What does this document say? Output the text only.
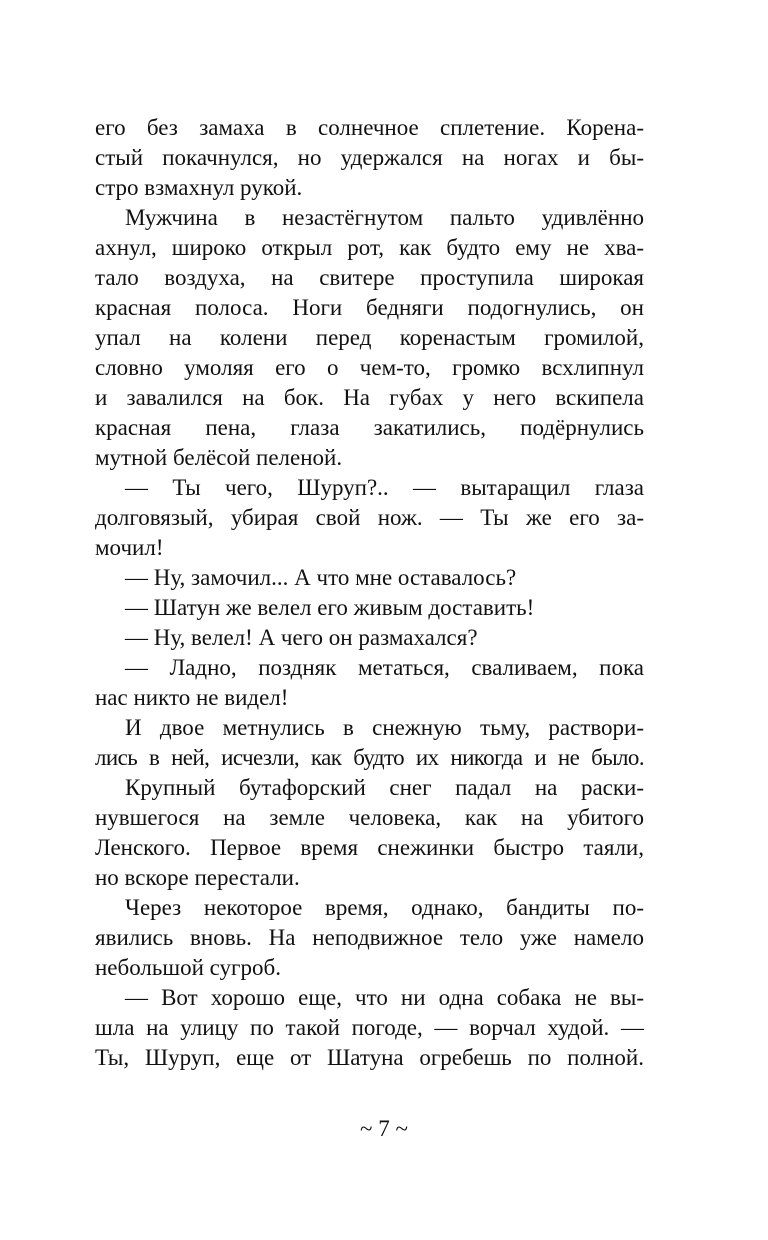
его без замаха в солнечное сплетение. Корена-
стый покачнулся, но удержался на ногах и бы-
стро взмахнул рукой.
Мужчина в незастёгнутом пальто удивлённо
ахнул, широко открыл рот, как будто ему не хва-
тало воздуха, на свитере проступила широкая
красная полоса. Ноги бедняги подогнулись, он
упал на колени перед коренастым громилой,
словно умоляя его о чем-то, громко всхлипнул
и завалился на бок. На губах у него вскипела
красная пена, глаза закатились, подёрнулись
мутной белёсой пеленой.
— Ты чего, Шуруп?.. — вытаращил глаза
долговязый, убирая свой нож. — Ты же его за-
мочил!
— Ну, замочил... А что мне оставалось?
— Шатун же велел его живым доставить!
— Ну, велел! А чего он размахался?
— Ладно, поздняк метаться, сваливаем, пока
нас никто не видел!
И двое метнулись в снежную тьму, раствори-
лись в ней, исчезли, как будто их никогда и не было.
Крупный бутафорский снег падал на раски-
нувшегося на земле человека, как на убитого
Ленского. Первое время снежинки быстро таяли,
но вскоре перестали.
Через некоторое время, однако, бандиты по-
явились вновь. На неподвижное тело уже намело
небольшой сугроб.
— Вот хорошо еще, что ни одна собака не вы-
шла на улицу по такой погоде, — ворчал худой. —
Ты, Шуруп, еще от Шатуна огребешь по полной.
~ 7 ~
